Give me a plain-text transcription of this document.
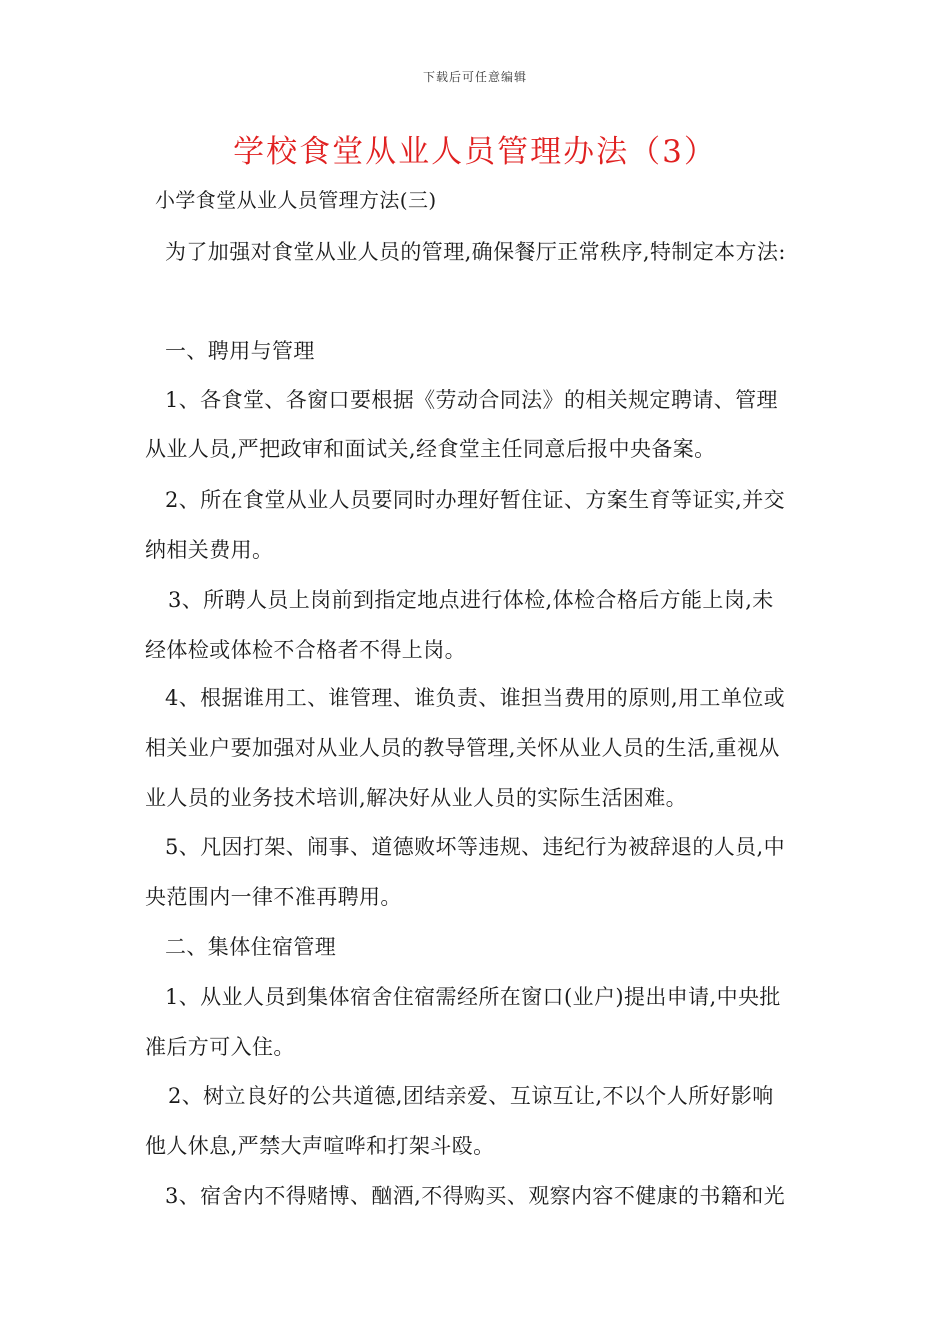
下载后可任意编辑
学校食堂从业人员管理办法（3）
小学食堂从业人员管理方法(三)
为了加强对食堂从业人员的管理,确保餐厅正常秩序,特制定本方法:
一、聘用与管理
1、各食堂、各窗口要根据《劳动合同法》的相关规定聘请、管理
从业人员,严把政审和面试关,经食堂主任同意后报中央备案。
2、所在食堂从业人员要同时办理好暂住证、方案生育等证实,并交
纳相关费用。
3、所聘人员上岗前到指定地点进行体检,体检合格后方能上岗,未
经体检或体检不合格者不得上岗。
4、根据谁用工、谁管理、谁负责、谁担当费用的原则,用工单位或
相关业户要加强对从业人员的教导管理,关怀从业人员的生活,重视从
业人员的业务技术培训,解决好从业人员的实际生活困难。
5、凡因打架、闹事、道德败坏等违规、违纪行为被辞退的人员,中
央范围内一律不准再聘用。
二、集体住宿管理
1、从业人员到集体宿舍住宿需经所在窗口(业户)提出申请,中央批
准后方可入住。
2、树立良好的公共道德,团结亲爱、互谅互让,不以个人所好影响
他人休息,严禁大声喧哗和打架斗殴。
3、宿舍内不得赌博、酗酒,不得购买、观察内容不健康的书籍和光
